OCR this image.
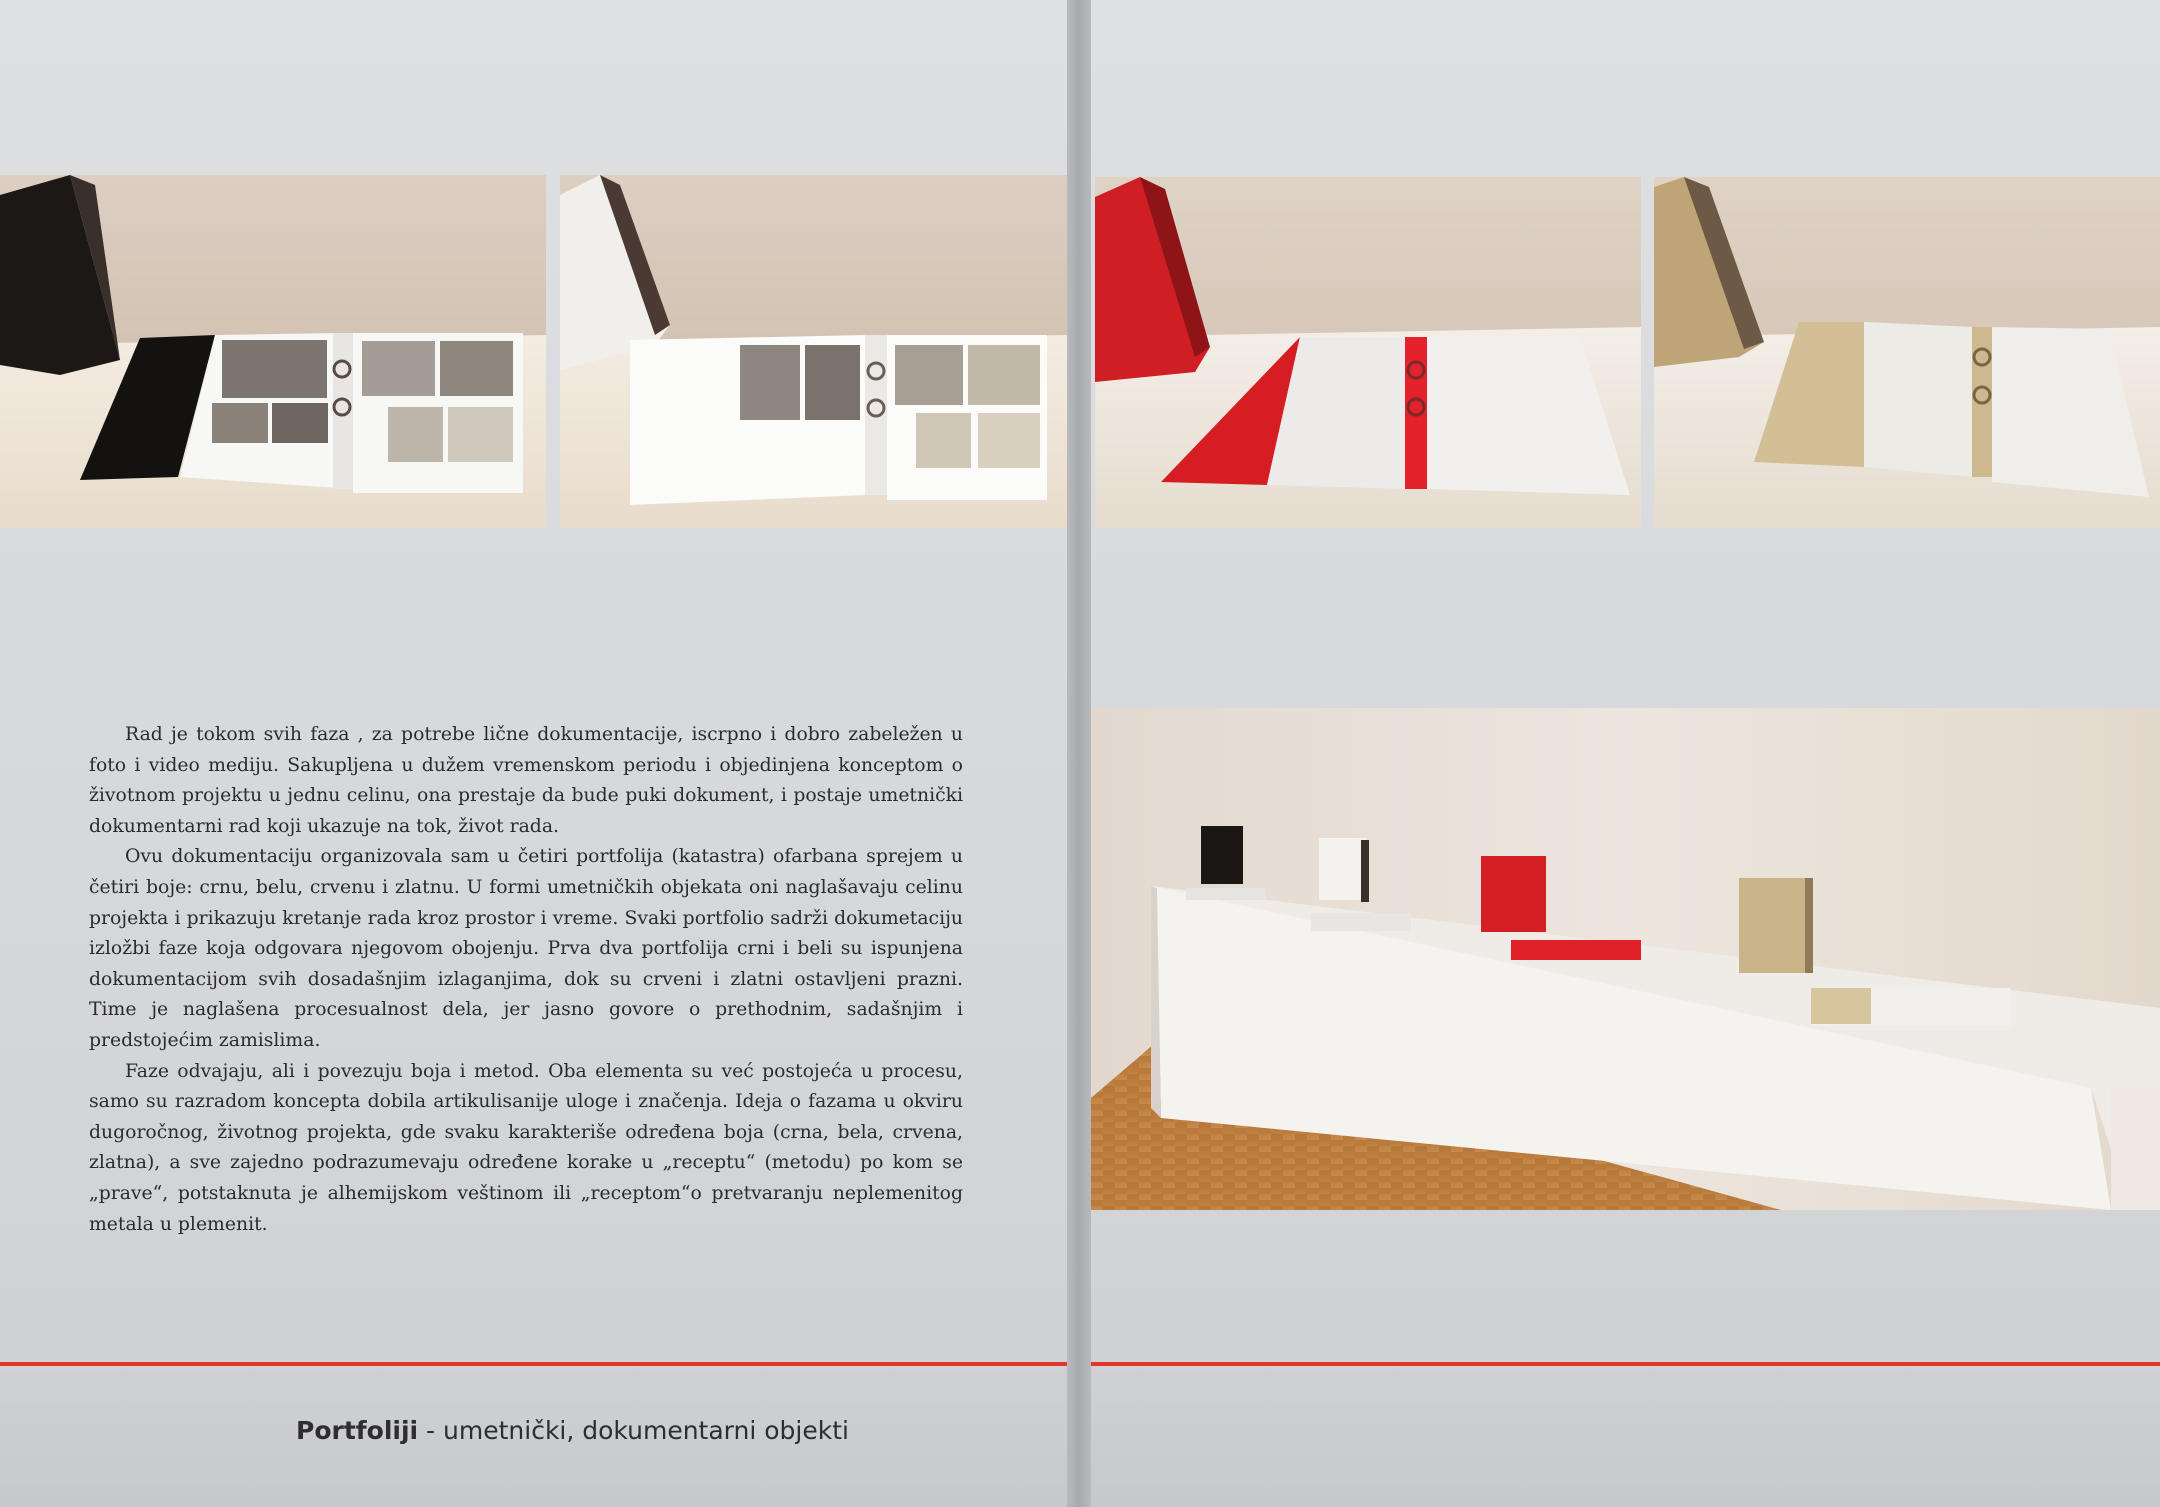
Rad je tokom svih faza , za potrebe lične dokumentacije, iscrpno i dobro zabeležen u foto i video mediju. Sakupljena u dužem vremenskom periodu i objedinjena konceptom o životnom projektu u jednu celinu, ona prestaje da bude puki dokument, i postaje umetnički dokumentarni rad koji ukazuje na tok, život rada.

Ovu dokumentaciju organizovala sam u četiri portfolija (katastra) ofarbana sprejem u četiri boje: crnu, belu, crvenu i zlatnu. U formi umetničkih objekata oni naglašavaju celinu projekta i prikazuju kretanje rada kroz prostor i vreme. Svaki portfolio sadrži dokumetaciju izložbi faze koja odgovara njegovom obojenju. Prva dva portfolija crni i beli su ispunjena dokumentacijom svih dosadašnjim izlaganjima, dok su crveni i zlatni ostavljeni prazni. Time je naglašena procesualnost dela, jer jasno govore o prethodnim, sadašnjim i predstojećim zamislima.

Faze odvajaju, ali i povezuju boja i metod. Oba elementa su već postojeća u procesu, samo su razradom koncepta dobila artikulisanije uloge i značenja. Ideja o fazama u okviru dugoročnog, životnog projekta, gde svaku karakteriše određena boja (crna, bela, crvena, zlatna), a sve zajedno podrazumevaju određene korake u „receptu“ (metodu) po kom se „prave“, potstaknuta je alhemijskom veštinom ili „receptom“o pretvaranju neplemenitog metala u plemenit.

Portfoliji - umetnički, dokumentarni objekti
